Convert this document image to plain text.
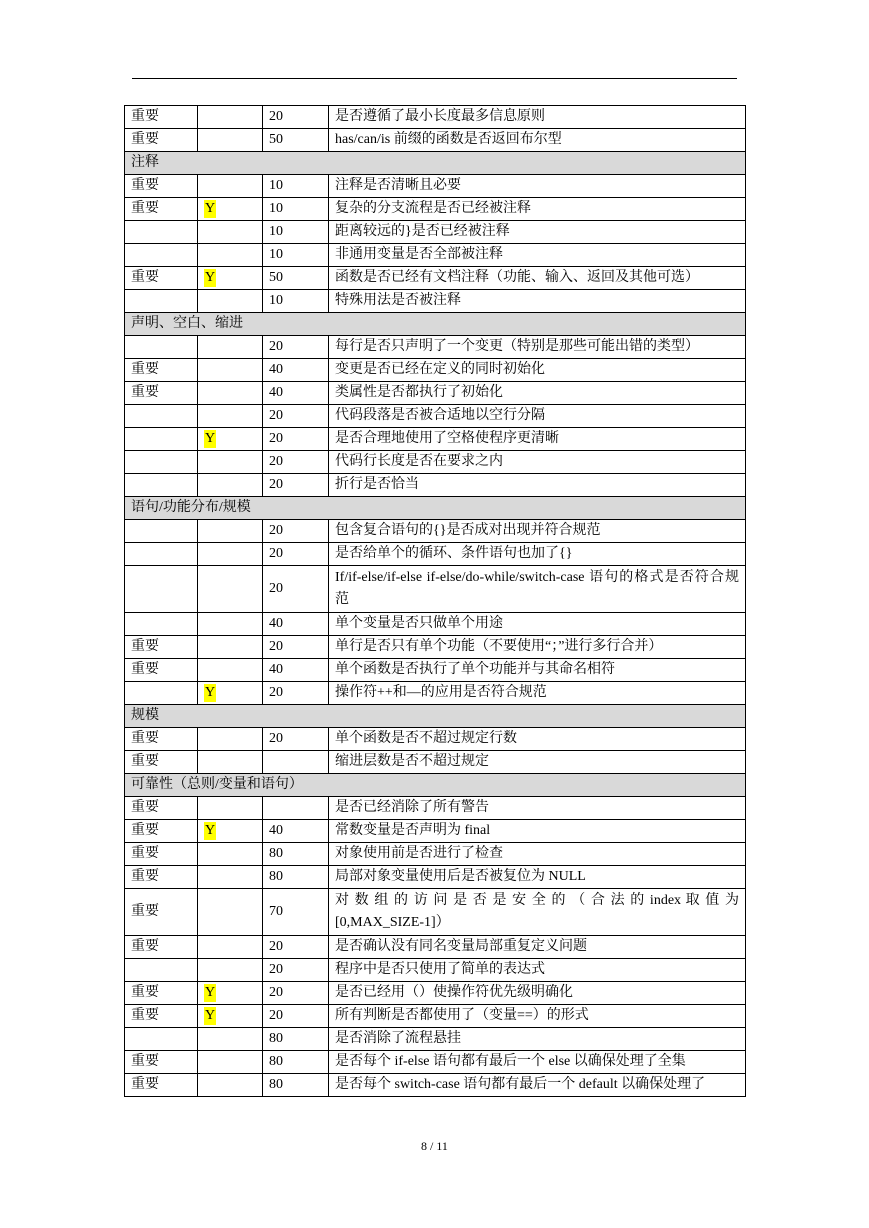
重要		20	是否遵循了最小长度最多信息原则
重要		50	has/can/is 前缀的函数是否返回布尔型
注释			
重要		10	注释是否清晰且必要
重要	Y	10	复杂的分支流程是否已经被注释
		10	距离较远的}是否已经被注释
		10	非通用变量是否全部被注释
重要	Y	50	函数是否已经有文档注释（功能、输入、返回及其他可选）
		10	特殊用法是否被注释
声明、空白、缩进			
		20	每行是否只声明了一个变更（特别是那些可能出错的类型）
重要		40	变更是否已经在定义的同时初始化
重要		40	类属性是否都执行了初始化
		20	代码段落是否被合适地以空行分隔
	Y	20	是否合理地使用了空格使程序更清晰
		20	代码行长度是否在要求之内
		20	折行是否恰当
语句/功能分布/规模			
		20	包含复合语句的{}是否成对出现并符合规范
		20	是否给单个的循环、条件语句也加了{}
		20	If/if-else/if-else if-else/do-while/switch-case 语句的格式是否符合规范
		40	单个变量是否只做单个用途
重要		20	单行是否只有单个功能（不要使用“；”进行多行合并）
重要		40	单个函数是否执行了单个功能并与其命名相符
	Y	20	操作符++和—的应用是否符合规范
规模			
重要		20	单个函数是否不超过规定行数
重要			缩进层数是否不超过规定
可靠性（总则/变量和语句）			
重要			是否已经消除了所有警告
重要	Y	40	常数变量是否声明为 final
重要		80	对象使用前是否进行了检查
重要		80	局部对象变量使用后是否被复位为 NULL
重要		70	对 数 组 的 访 问 是 否 是 安 全 的 （ 合 法 的 index 取 值 为 [0,MAX_SIZE-1]）
重要		20	是否确认没有同名变量局部重复定义问题
		20	程序中是否只使用了简单的表达式
重要	Y	20	是否已经用（）使操作符优先级明确化
重要	Y	20	所有判断是否都使用了（变量==）的形式
		80	是否消除了流程悬挂
重要		80	是否每个 if-else 语句都有最后一个 else 以确保处理了全集
重要		80	是否每个 switch-case 语句都有最后一个 default 以确保处理了
8 / 11
